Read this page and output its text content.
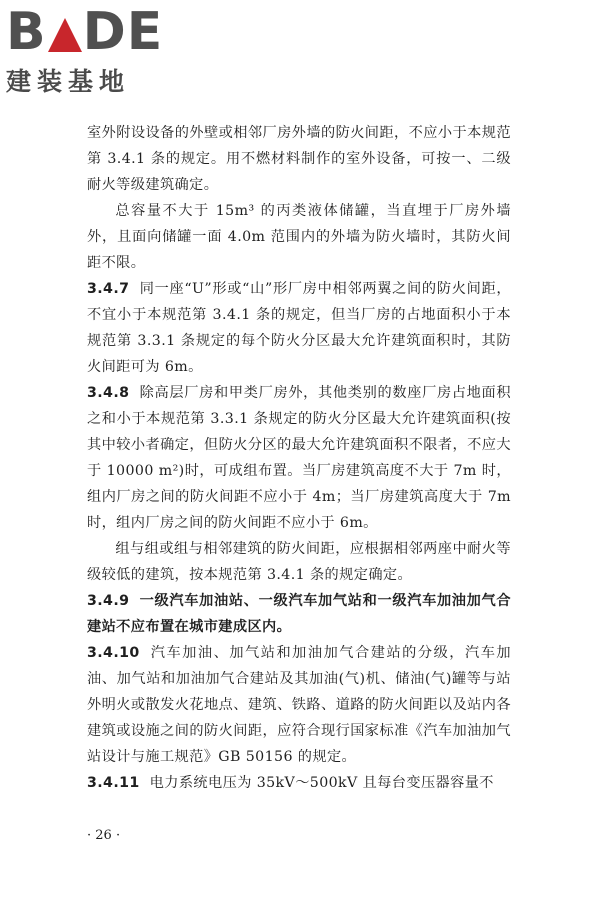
B DE
建装基地

室外附设设备的外壁或相邻厂房外墙的防火间距，不应小于本规范第 3.4.1 条的规定。用不燃材料制作的室外设备，可按一、二级耐火等级建筑确定。

总容量不大于 15m³ 的丙类液体储罐，当直埋于厂房外墙外，且面向储罐一面 4.0m 范围内的外墙为防火墙时，其防火间距不限。

3.4.7 同一座“U”形或“山”形厂房中相邻两翼之间的防火间距，不宜小于本规范第 3.4.1 条的规定，但当厂房的占地面积小于本规范第 3.3.1 条规定的每个防火分区最大允许建筑面积时，其防火间距可为 6m。

3.4.8 除高层厂房和甲类厂房外，其他类别的数座厂房占地面积之和小于本规范第 3.3.1 条规定的防火分区最大允许建筑面积(按其中较小者确定，但防火分区的最大允许建筑面积不限者，不应大于 10000 m²)时，可成组布置。当厂房建筑高度不大于 7m 时，组内厂房之间的防火间距不应小于 4m；当厂房建筑高度大于 7m 时，组内厂房之间的防火间距不应小于 6m。

组与组或组与相邻建筑的防火间距，应根据相邻两座中耐火等级较低的建筑，按本规范第 3.4.1 条的规定确定。

3.4.9 一级汽车加油站、一级汽车加气站和一级汽车加油加气合建站不应布置在城市建成区内。

3.4.10 汽车加油、加气站和加油加气合建站的分级，汽车加油、加气站和加油加气合建站及其加油(气)机、储油(气)罐等与站外明火或散发火花地点、建筑、铁路、道路的防火间距以及站内各建筑或设施之间的防火间距，应符合现行国家标准《汽车加油加气站设计与施工规范》GB 50156 的规定。

3.4.11 电力系统电压为 35kV～500kV 且每台变压器容量不

· 26 ·
